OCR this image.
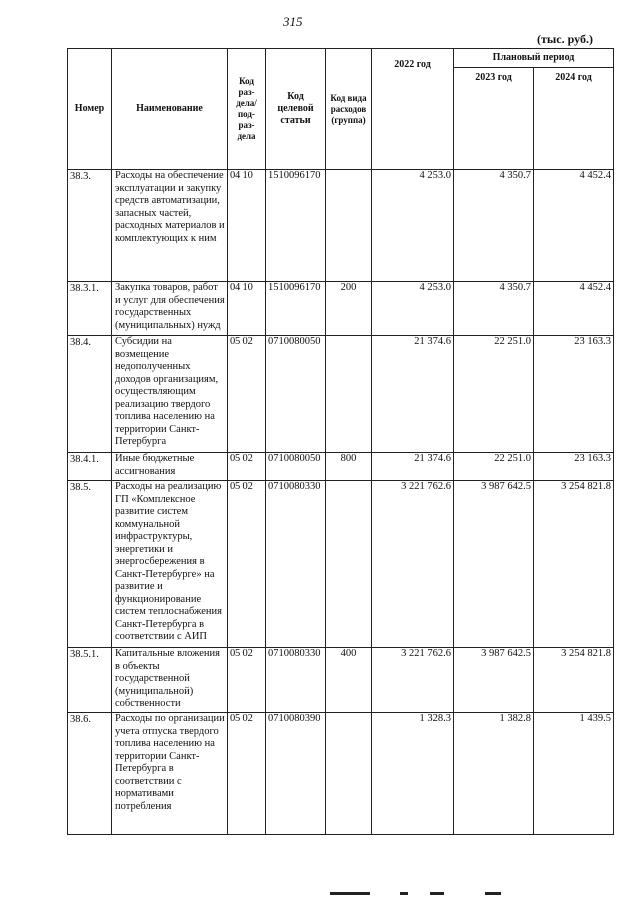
315
(тыс. руб.)
Номер	Наименование	Код раз-дела/ под-раз-дела	Код целевой статьи	Код вида расходов (группа)	2022 год	Плановый период	
						2023 год	2024 год
38.3.	Расходы на обеспечение эксплуатации и закупку средств автоматизации, запасных частей, расходных материалов и комплектующих к ним	04 10	1510096170		4 253.0	4 350.7	4 452.4
38.3.1.	Закупка товаров, работ и услуг для обеспечения государственных (муниципальных) нужд	04 10	1510096170	200	4 253.0	4 350.7	4 452.4
38.4.	Субсидии на возмещение недополученных доходов организациям, осуществляющим реализацию твердого топлива населению на территории Санкт-Петербурга	05 02	0710080050		21 374.6	22 251.0	23 163.3
38.4.1.	Иные бюджетные ассигнования	05 02	0710080050	800	21 374.6	22 251.0	23 163.3
38.5.	Расходы на реализацию ГП «Комплексное развитие систем коммунальной инфраструктуры, энергетики и энергосбережения в Санкт-Петербурге» на развитие и функционирование систем теплоснабжения Санкт-Петербурга в соответствии с АИП	05 02	0710080330		3 221 762.6	3 987 642.5	3 254 821.8
38.5.1.	Капитальные вложения в объекты государственной (муниципальной) собственности	05 02	0710080330	400	3 221 762.6	3 987 642.5	3 254 821.8
38.6.	Расходы по организации учета отпуска твердого топлива населению на территории Санкт-Петербурга в соответствии с нормативами потребления	05 02	0710080390		1 328.3	1 382.8	1 439.5
